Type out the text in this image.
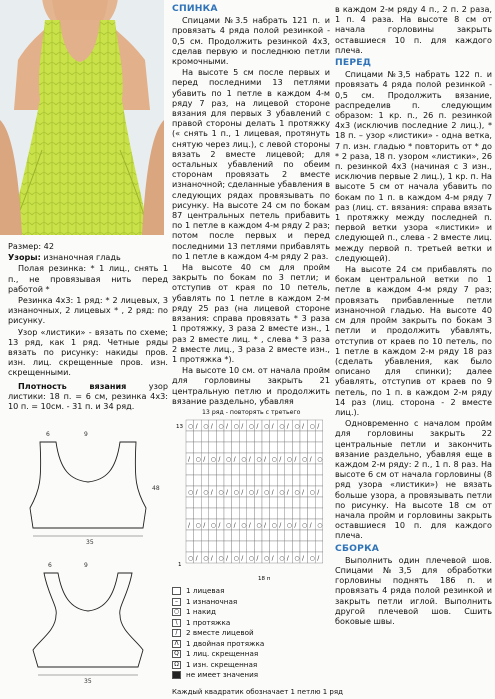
Размер: 42
Узоры: изнаночная гладь
Полая резинка: * 1 лиц., снять 1 п., не провязывая нить перед работой *
Резинка 4х3: 1 ряд: * 2 лицевых, 3 изнаночных, 2 лицевых * , 2 ряд: по рисунку.
Узор «листики» - вязать по схеме; 13 ряд, как 1 ряд. Четные ряды вязать по рисунку: накиды пров. изн. лиц. скрещенные пров. изн. скрещенными.
Плотность вязания узор листики: 18 п. = 6 см, резинка 4х3: 10 п. = 10см. - 31 п. и 34 ряд.
35
6	9
48
35
6	9
СПИНКА
Спицами №3.5 набрать 121 п. и провязать 4 ряда полой резинкой - 0,5 см. Продолжить резинкой 4х3, сделав первую и последнюю петли кромочными.
На высоте 5 см после первых и перед последними 13 петлями убавить по 1 петле в каждом 4-м ряду 7 раз, на лицевой стороне вязания для первых 3 убавлений с правой стороны делать 1 протяжку (« снять 1 п., 1 лицевая, протянуть снятую через лиц.), с левой стороны вязать 2 вместе лицевой; для остальных убавлений по обеим сторонам провязать 2 вместе изнаночной; сделанные убавления в следующих рядах провязывать по рисунку. На высоте 24 см по бокам 87 центральных петель прибавить по 1 петле в каждом 4-м ряду 2 раз; потом после первых и перед последними 13 петлями прибавлять по 1 петле в каждом 4-м ряду 2 раз.
На высоте 40 см для пройм закрыть по бокам по 3 петли; и отступив от края по 10 петель, убавлять по 1 петле в каждом 2-м ряду 25 раз (на лицевой стороне вязания: справа провязать * 3 раза 1 протяжку, 3 раза 2 вместе изн., 1 раз 2 вместе лиц. * , слева * 3 раза 2 вместе лиц., 3 раза 2 вместе изн., 1 протяжка *).
На высоте 10 см. от начала пройм для горловины закрыть 21 центральную петлю и продолжить вязание раздельно, убавляя
13 ряд - повторять с третьего
○ / ○ / ○ / ○ / ○ / ○ / ○ / ○ / ○ /
/ ○ / ○ / ○ / ○ / ○ / ○ / ○ / ○ / ○
○ / ○ / ○ / ○ / ○ / ○ / ○ / ○ / ○ /
/ ○ / ○ / ○ / ○ / ○ / ○ / ○ / ○ / ○
○ / ○ / ○ / ○ / ○ / ○ / ○ / ○ / ○ /
13
1
18 п
1 лицевая
–	1 изнаночная
○ 1 накид
\	1 протяжка
/	2 вместе лицевой
Λ	1 двойная протяжка
Q 1 лиц. скрещенная
Ω	1 изн. скрещенная
не имеет значения
Каждый квадратик обозначает 1 петлю 1 ряд
в каждом 2-м ряду 4 п., 2 п. 2 раза, 1 п. 4 раза. На высоте 8 см от начала горловины закрыть оставшиеся 10 п. для каждого плеча.
ПЕРЕД
Спицами №3,5 набрать 122 п. и провязать 4 ряда полой резинкой - 0,5 см. Продолжить вязание, распределив п. следующим образом: 1 кр. п., 26 п. резинкой 4х3 (исключив последние 2 лиц.), * 18 п. – узор «листики» - одна ветка, 7 п. изн. гладью * повторить от * до * 2 раза, 18 п. узором «листики», 26 п. резинкой 4х3 (начиная с 3 изн., исключив первые 2 лиц.), 1 кр. п. На высоте 5 см от начала убавить по бокам по 1 п. в каждом 4-м ряду 7 раз (лиц. ст. вязания: справа вязать 1 протяжку между последней п. первой ветки узора «листики» и следующей п., слева - 2 вместе лиц. между первой п. третьей ветки и следующей).
На высоте 24 см прибавлять по бокам центральной ветки по 1 петле в каждом 4-м ряду 7 раз; провязать прибавленные петли изнаночной гладью. На высоте 40 см для пройм закрыть по бокам 3 петли и продолжить убавлять, отступив от краев по 10 петель, по 1 петле в каждом 2-м ряду 18 раз (сделать убавления, как было описано для спинки); далее убавлять, отступив от краев по 9 петель, по 1 п. в каждом 2-м ряду 14 раз (лиц. сторона - 2 вместе лиц.).
Одновременно с началом пройм для горловины закрыть 22 центральные петли и закончить вязание раздельно, убавляя еще в каждом 2-м ряду: 2 п., 1 п. 8 раз. На высоте 6 см от начала горловины (8 ряд узора «листики») не вязать больше узора, а провязывать петли по рисунку. На высоте 18 см от начала пройм и горловины закрыть оставшиеся 10 п. для каждого плеча.
СБОРКА
Выполнить один плечевой шов. Спицами №3,5 для обработки горловины поднять 186 п. и провязать 4 ряда полой резинкой и закрыть петли иглой. Выполнить другой плечевой шов. Сшить боковые швы.
